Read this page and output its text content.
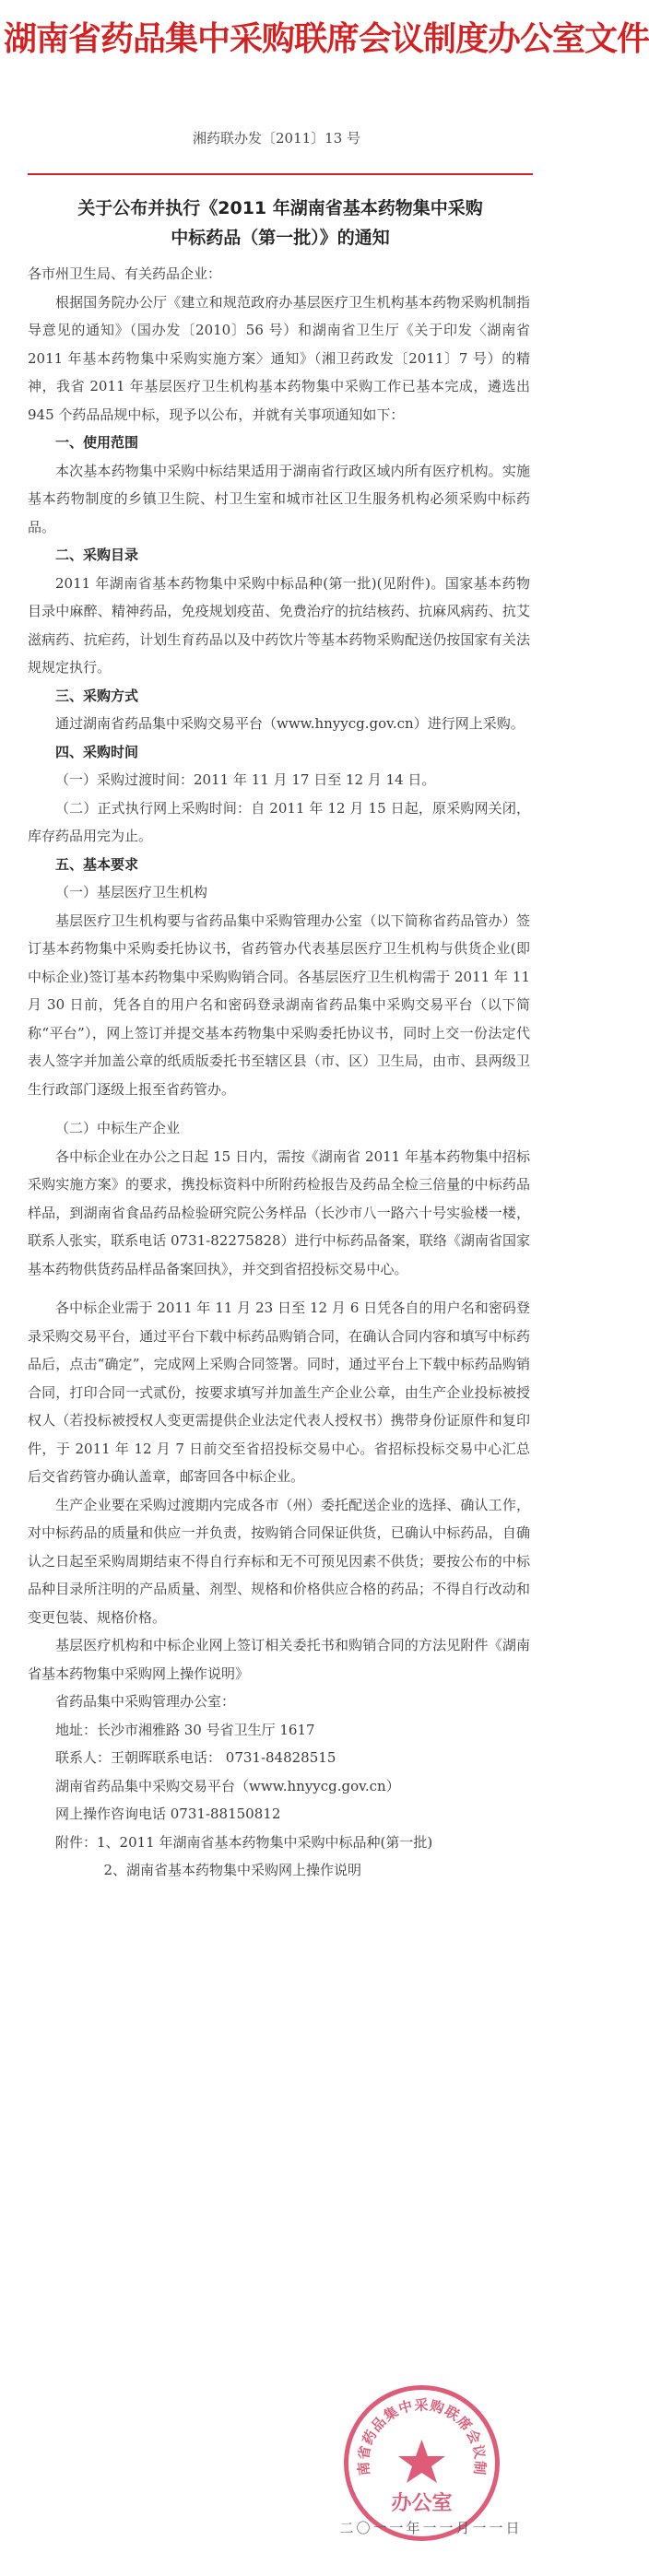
湖南省药品集中采购联席会议制度办公室文件
湘药联办发〔2011〕13 号
关于公布并执行《2011 年湖南省基本药物集中采购
中标药品（第一批）》的通知

各市州卫生局、有关药品企业：

根据国务院办公厅《建立和规范政府办基层医疗卫生机构基本药物采购机制指导意见的通知》（国办发〔2010〕56 号）和湖南省卫生厅《关于印发〈湖南省 2011 年基本药物集中采购实施方案〉通知》（湘卫药政发〔2011〕7 号）的精神，我省 2011 年基层医疗卫生机构基本药物集中采购工作已基本完成，遴选出 945 个药品品规中标，现予以公布，并就有关事项通知如下：

一、使用范围

本次基本药物集中采购中标结果适用于湖南省行政区域内所有医疗机构。实施基本药物制度的乡镇卫生院、村卫生室和城市社区卫生服务机构必须采购中标药品。

二、采购目录

2011 年湖南省基本药物集中采购中标品种(第一批)(见附件)。国家基本药物目录中麻醉、精神药品，免疫规划疫苗、免费治疗的抗结核药、抗麻风病药、抗艾滋病药、抗疟药，计划生育药品以及中药饮片等基本药物采购配送仍按国家有关法规规定执行。

三、采购方式

通过湖南省药品集中采购交易平台（www.hnyycg.gov.cn）进行网上采购。

四、采购时间

（一）采购过渡时间：2011 年 11 月 17 日至 12 月 14 日。

（二）正式执行网上采购时间：自 2011 年 12 月 15 日起，原采购网关闭，库存药品用完为止。

五、基本要求

（一）基层医疗卫生机构

基层医疗卫生机构要与省药品集中采购管理办公室（以下简称省药品管办）签订基本药物集中采购委托协议书，省药管办代表基层医疗卫生机构与供货企业(即中标企业)签订基本药物集中采购购销合同。各基层医疗卫生机构需于 2011 年 11 月 30 日前，凭各自的用户名和密码登录湖南省药品集中采购交易平台（以下简称“平台”），网上签订并提交基本药物集中采购委托协议书，同时上交一份法定代表人签字并加盖公章的纸质版委托书至辖区县（市、区）卫生局，由市、县两级卫生行政部门逐级上报至省药管办。

（二）中标生产企业

各中标企业在办公之日起 15 日内，需按《湖南省 2011 年基本药物集中招标采购实施方案》的要求，携投标资料中所附药检报告及药品全检三倍量的中标药品样品，到湖南省食品药品检验研究院公务样品（长沙市八一路六十号实验楼一楼，联系人张实，联系电话 0731-82275828）进行中标药品备案，联络《湖南省国家基本药物供货药品样品备案回执》，并交到省招投标交易中心。

各中标企业需于 2011 年 11 月 23 日至 12 月 6 日凭各自的用户名和密码登录采购交易平台，通过平台下载中标药品购销合同，在确认合同内容和填写中标药品后，点击“确定”，完成网上采购合同签署。同时，通过平台上下载中标药品购销合同，打印合同一式贰份，按要求填写并加盖生产企业公章，由生产企业投标被授权人（若投标被授权人变更需提供企业法定代表人授权书）携带身份证原件和复印件，于 2011 年 12 月 7 日前交至省招投标交易中心。省招标投标交易中心汇总后交省药管办确认盖章，邮寄回各中标企业。

生产企业要在采购过渡期内完成各市（州）委托配送企业的选择、确认工作，对中标药品的质量和供应一并负责，按购销合同保证供货，已确认中标药品，自确认之日起至采购周期结束不得自行弃标和无不可预见因素不供货；要按公布的中标品种目录所注明的产品质量、剂型、规格和价格供应合格的药品；不得自行改动和变更包装、规格价格。

基层医疗机构和中标企业网上签订相关委托书和购销合同的方法见附件《湖南省基本药物集中采购网上操作说明》

省药品集中采购管理办公室：

地址：长沙市湘雅路 30 号省卫生厅 1617

联系人：王朝晖联系电话： 0731-84828515

湖南省药品集中采购交易平台（www.hnyycg.gov.cn）

网上操作咨询电话 0731-88150812

附件：1、2011 年湖南省基本药物集中采购中标品种(第一批)

2、湖南省基本药物集中采购网上操作说明

南省药品集中采购联席会议制
办公室
二〇一一年一一月一一日
